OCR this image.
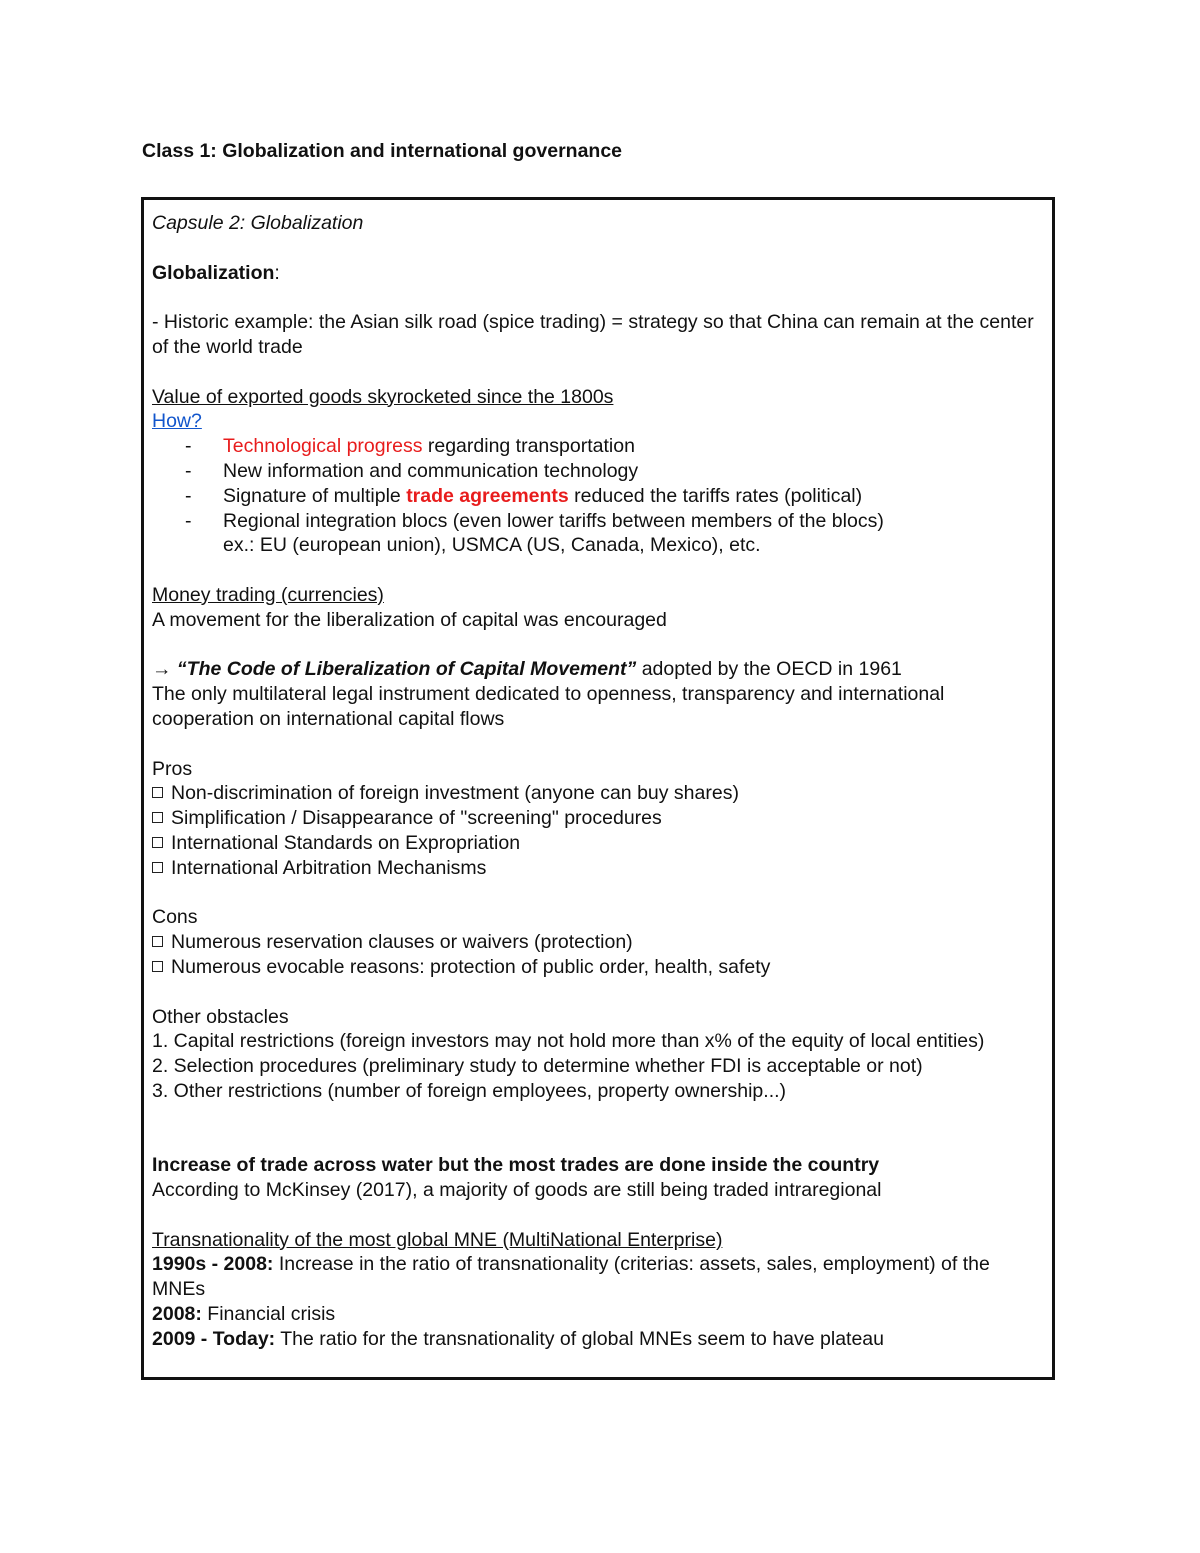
Class 1: Globalization and international governance
Capsule 2: Globalization
Globalization:
- Historic example: the Asian silk road (spice trading) = strategy so that China can remain at the center of the world trade
Value of exported goods skyrocketed since the 1800s
How?
-	Technological progress regarding transportation
-	New information and communication technology
-	Signature of multiple trade agreements reduced the tariffs rates (political)
-	Regional integration blocs (even lower tariffs between members of the blocs)
ex.: EU (european union), USMCA (US, Canada, Mexico), etc.
Money trading (currencies)
A movement for the liberalization of capital was encouraged
→ “The Code of Liberalization of Capital Movement” adopted by the OECD in 1961
The only multilateral legal instrument dedicated to openness, transparency and international cooperation on international capital flows
Pros
Non-discrimination of foreign investment (anyone can buy shares)
Simplification / Disappearance of "screening" procedures
International Standards on Expropriation
International Arbitration Mechanisms
Cons
Numerous reservation clauses or waivers (protection)
Numerous evocable reasons: protection of public order, health, safety
Other obstacles
1. Capital restrictions (foreign investors may not hold more than x% of the equity of local entities)
2. Selection procedures (preliminary study to determine whether FDI is acceptable or not)
3. Other restrictions (number of foreign employees, property ownership...)
Increase of trade across water but the most trades are done inside the country
According to McKinsey (2017), a majority of goods are still being traded intraregional
Transnationality of the most global MNE (MultiNational Enterprise)
1990s - 2008: Increase in the ratio of transnationality (criterias: assets, sales, employment) of the MNEs
2008: Financial crisis
2009 - Today: The ratio for the transnationality of global MNEs seem to have plateau
